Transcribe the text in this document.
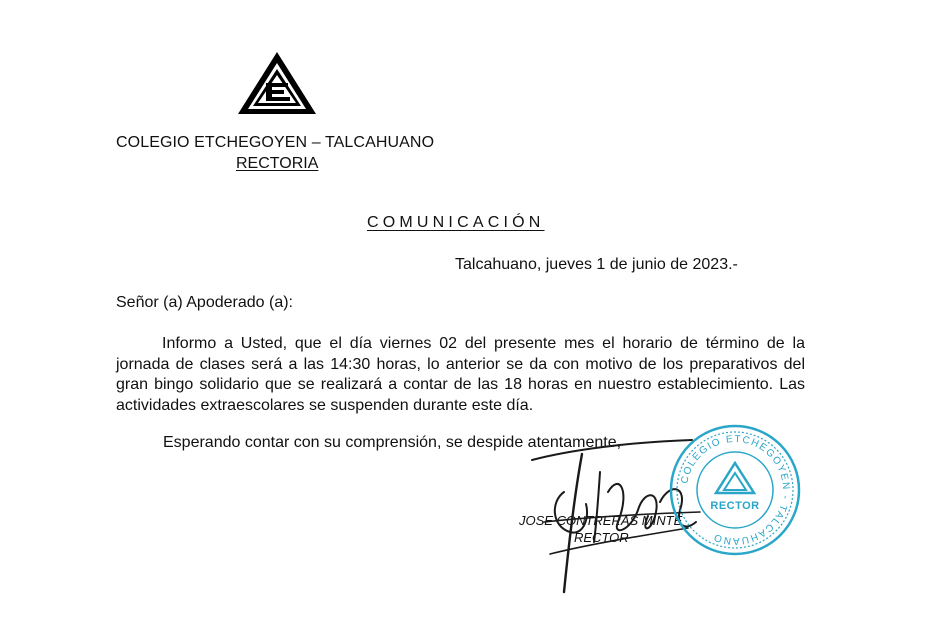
COLEGIO ETCHEGOYEN – TALCAHUANO
RECTORIA
COMUNICACIÓN
Talcahuano, jueves 1 de junio de 2023.-
Señor (a) Apoderado (a):

Informo a Usted, que el día viernes 02 del presente mes el horario de término de la jornada de clases será a las 14:30 horas, lo anterior se da con motivo de los preparativos del gran bingo solidario que se realizará a contar de las 18 horas en nuestro establecimiento. Las actividades extraescolares se suspenden durante este día.

Esperando contar con su comprensión, se despide atentamente,
JOSE CONTRERAS MINTE
RECTOR
COLEGIO ETCHEGOYEN - TALCAHUANO
RECTOR
